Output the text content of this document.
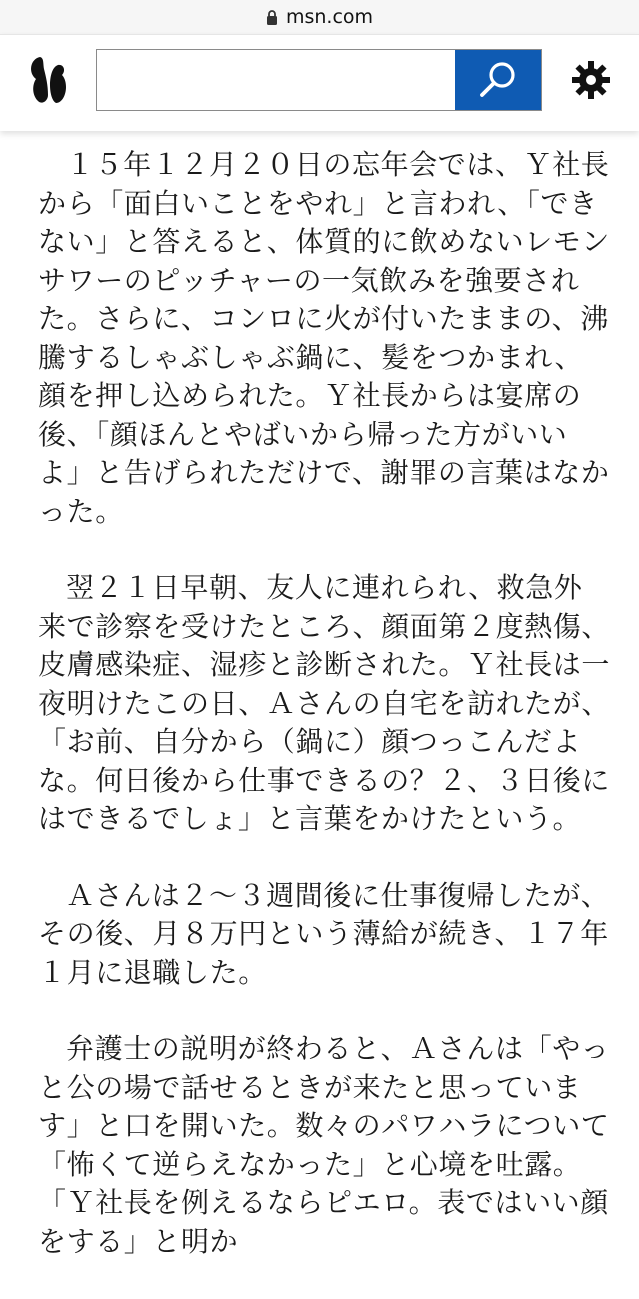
msn.com

１５年１２月２０日の忘年会では、Ｙ社長から「面白いことをやれ」と言われ、「できない」と答えると、体質的に飲めないレモンサワーのピッチャーの一気飲みを強要された。さらに、コンロに火が付いたままの、沸騰するしゃぶしゃぶ鍋に、髪をつかまれ、顔を押し込められた。Ｙ社長からは宴席の後、「顔ほんとやばいから帰った方がいいよ」と告げられただけで、謝罪の言葉はなかった。

翌２１日早朝、友人に連れられ、救急外来で診察を受けたところ、顔面第２度熱傷、皮膚感染症、湿疹と診断された。Ｙ社長は一夜明けたこの日、Ａさんの自宅を訪れたが、「お前、自分から（鍋に）顔つっこんだよな。何日後から仕事できるの？２、３日後にはできるでしょ」と言葉をかけたという。

Ａさんは２〜３週間後に仕事復帰したが、その後、月８万円という薄給が続き、１７年１月に退職した。

弁護士の説明が終わると、Ａさんは「やっと公の場で話せるときが来たと思っています」と口を開いた。数々のパワハラについて「怖くて逆らえなかった」と心境を吐露。「Ｙ社長を例えるならピエロ。表ではいい顔をする」と明か
